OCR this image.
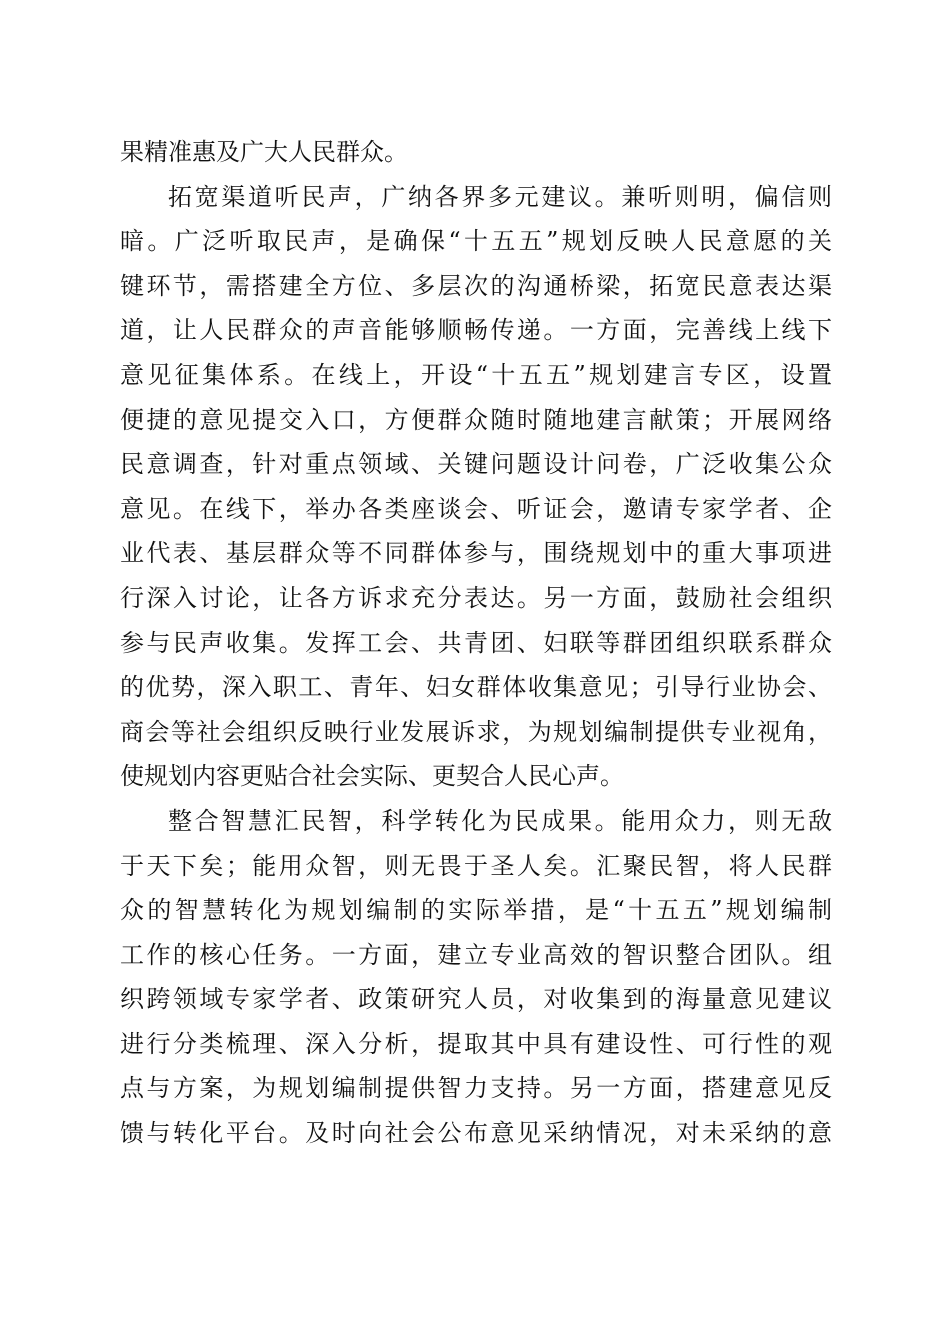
果精准惠及广大人民群众。
拓宽渠道听民声，广纳各界多元建议。兼听则明，偏信则
暗。广泛听取民声，是确保“十五五”规划反映人民意愿的关
键环节，需搭建全方位、多层次的沟通桥梁，拓宽民意表达渠
道，让人民群众的声音能够顺畅传递。一方面，完善线上线下
意见征集体系。在线上，开设“十五五”规划建言专区，设置
便捷的意见提交入口，方便群众随时随地建言献策；开展网络
民意调查，针对重点领域、关键问题设计问卷，广泛收集公众
意见。在线下，举办各类座谈会、听证会，邀请专家学者、企
业代表、基层群众等不同群体参与，围绕规划中的重大事项进
行深入讨论，让各方诉求充分表达。另一方面，鼓励社会组织
参与民声收集。发挥工会、共青团、妇联等群团组织联系群众
的优势，深入职工、青年、妇女群体收集意见；引导行业协会、
商会等社会组织反映行业发展诉求，为规划编制提供专业视角，
使规划内容更贴合社会实际、更契合人民心声。
整合智慧汇民智，科学转化为民成果。能用众力，则无敌
于天下矣；能用众智，则无畏于圣人矣。汇聚民智，将人民群
众的智慧转化为规划编制的实际举措，是“十五五”规划编制
工作的核心任务。一方面，建立专业高效的智识整合团队。组
织跨领域专家学者、政策研究人员，对收集到的海量意见建议
进行分类梳理、深入分析，提取其中具有建设性、可行性的观
点与方案，为规划编制提供智力支持。另一方面，搭建意见反
馈与转化平台。及时向社会公布意见采纳情况，对未采纳的意
